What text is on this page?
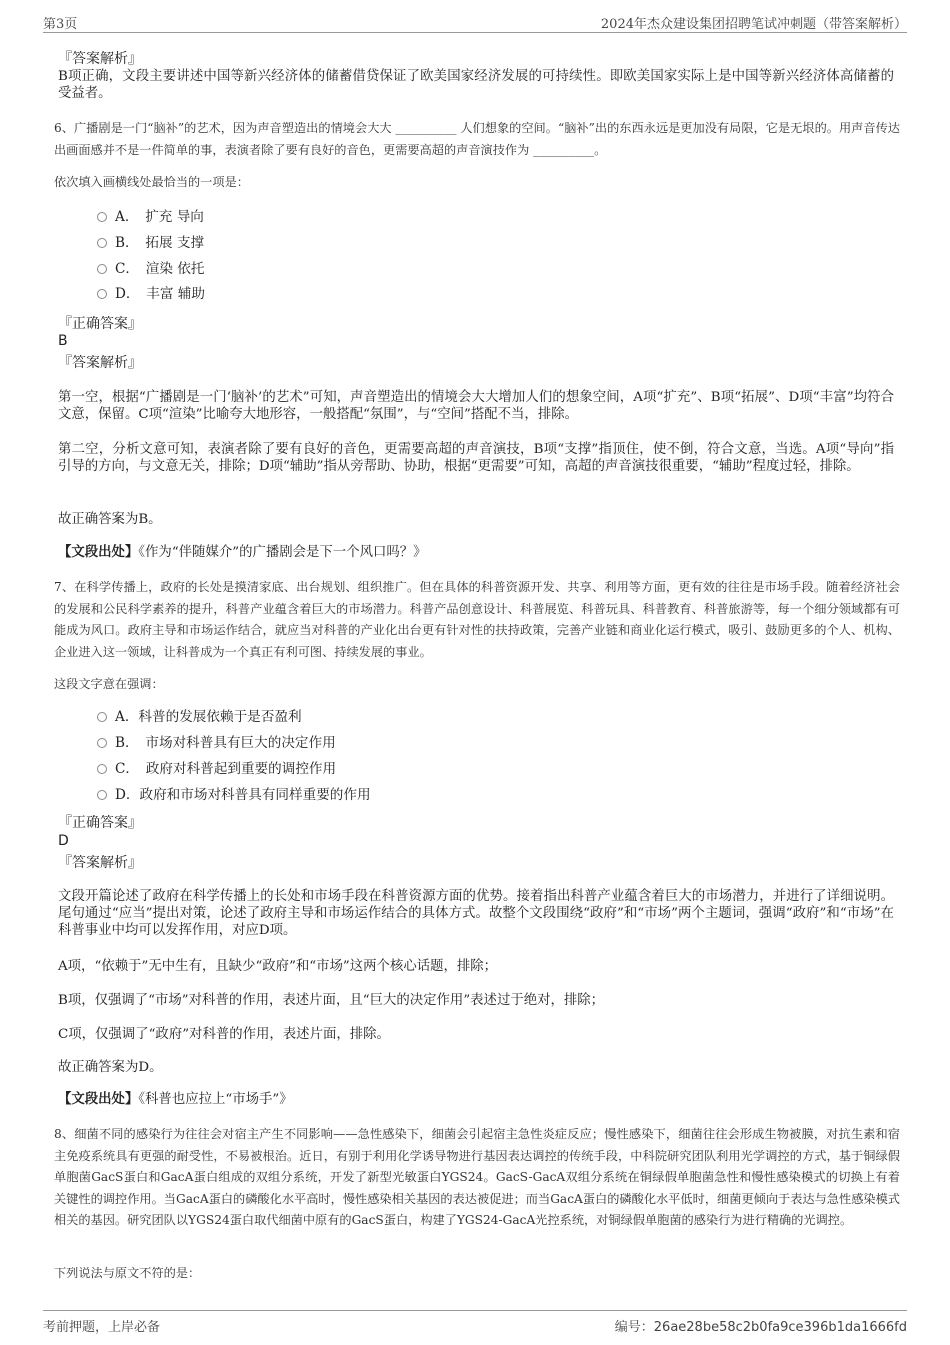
第3页	2024年杰众建设集团招聘笔试冲刺题（带答案解析）
『答案解析』

B项正确，文段主要讲述中国等新兴经济体的储蓄借贷保证了欧美国家经济发展的可持续性。即欧美国家实际上是中国等新兴经济体高储蓄的受益者。

6、广播剧是一门“脑补”的艺术，因为声音塑造出的情境会大大 __________ 人们想象的空间。“脑补”出的东西永远是更加没有局限，它是无垠的。用声音传达出画面感并不是一件简单的事，表演者除了要有良好的音色，更需要高超的声音演技作为 __________。

依次填入画横线处最恰当的一项是：

A．　扩充 导向
B．　拓展 支撑
C．　渲染 依托
D．　丰富 辅助
『正确答案』
B
『答案解析』

第一空，根据“广播剧是一门‘脑补’的艺术”可知，声音塑造出的情境会大大增加人们的想象空间，A项“扩充”、B项“拓展”、D项“丰富”均符合文意，保留。C项“渲染”比喻夸大地形容，一般搭配“氛围”，与“空间”搭配不当，排除。

第二空，分析文意可知，表演者除了要有良好的音色，更需要高超的声音演技，B项“支撑”指顶住，使不倒，符合文意，当选。A项“导向”指引导的方向，与文意无关，排除；D项“辅助”指从旁帮助、协助，根据“更需要”可知，高超的声音演技很重要，“辅助”程度过轻，排除。

故正确答案为B。

【文段出处】《作为“伴随媒介”的广播剧会是下一个风口吗？》

7、在科学传播上，政府的长处是摸清家底、出台规划、组织推广。但在具体的科普资源开发、共享、利用等方面，更有效的往往是市场手段。随着经济社会的发展和公民科学素养的提升，科普产业蕴含着巨大的市场潜力。科普产品创意设计、科普展览、科普玩具、科普教育、科普旅游等，每一个细分领域都有可能成为风口。政府主导和市场运作结合，就应当对科普的产业化出台更有针对性的扶持政策，完善产业链和商业化运行模式，吸引、鼓励更多的个人、机构、企业进入这一领域，让科普成为一个真正有利可图、持续发展的事业。

这段文字意在强调：

A．科普的发展依赖于是否盈利
B．　市场对科普具有巨大的决定作用
C．　政府对科普起到重要的调控作用
D．政府和市场对科普具有同样重要的作用
『正确答案』
D
『答案解析』

文段开篇论述了政府在科学传播上的长处和市场手段在科普资源方面的优势。接着指出科普产业蕴含着巨大的市场潜力，并进行了详细说明。尾句通过“应当”提出对策，论述了政府主导和市场运作结合的具体方式。故整个文段围绕“政府”和“市场”两个主题词，强调“政府”和“市场”在科普事业中均可以发挥作用，对应D项。

A项，“依赖于”无中生有，且缺少“政府”和“市场”这两个核心话题，排除；

B项，仅强调了“市场”对科普的作用，表述片面，且“巨大的决定作用”表述过于绝对，排除；

C项，仅强调了“政府”对科普的作用，表述片面，排除。

故正确答案为D。

【文段出处】《科普也应拉上“市场手”》

8、细菌不同的感染行为往往会对宿主产生不同影响——急性感染下，细菌会引起宿主急性炎症反应；慢性感染下，细菌往往会形成生物被膜，对抗生素和宿主免疫系统具有更强的耐受性，不易被根治。近日，有别于利用化学诱导物进行基因表达调控的传统手段，中科院研究团队利用光学调控的方式，基于铜绿假单胞菌GacS蛋白和GacA蛋白组成的双组分系统，开发了新型光敏蛋白YGS24。GacS-GacA双组分系统在铜绿假单胞菌急性和慢性感染模式的切换上有着关键性的调控作用。当GacA蛋白的磷酸化水平高时，慢性感染相关基因的表达被促进；而当GacA蛋白的磷酸化水平低时，细菌更倾向于表达与急性感染模式相关的基因。研究团队以YGS24蛋白取代细菌中原有的GacS蛋白，构建了YGS24-GacA光控系统，对铜绿假单胞菌的感染行为进行精确的光调控。

下列说法与原文不符的是：

考前押题，上岸必备	编号：26ae28be58c2b0fa9ce396b1da1666fd
